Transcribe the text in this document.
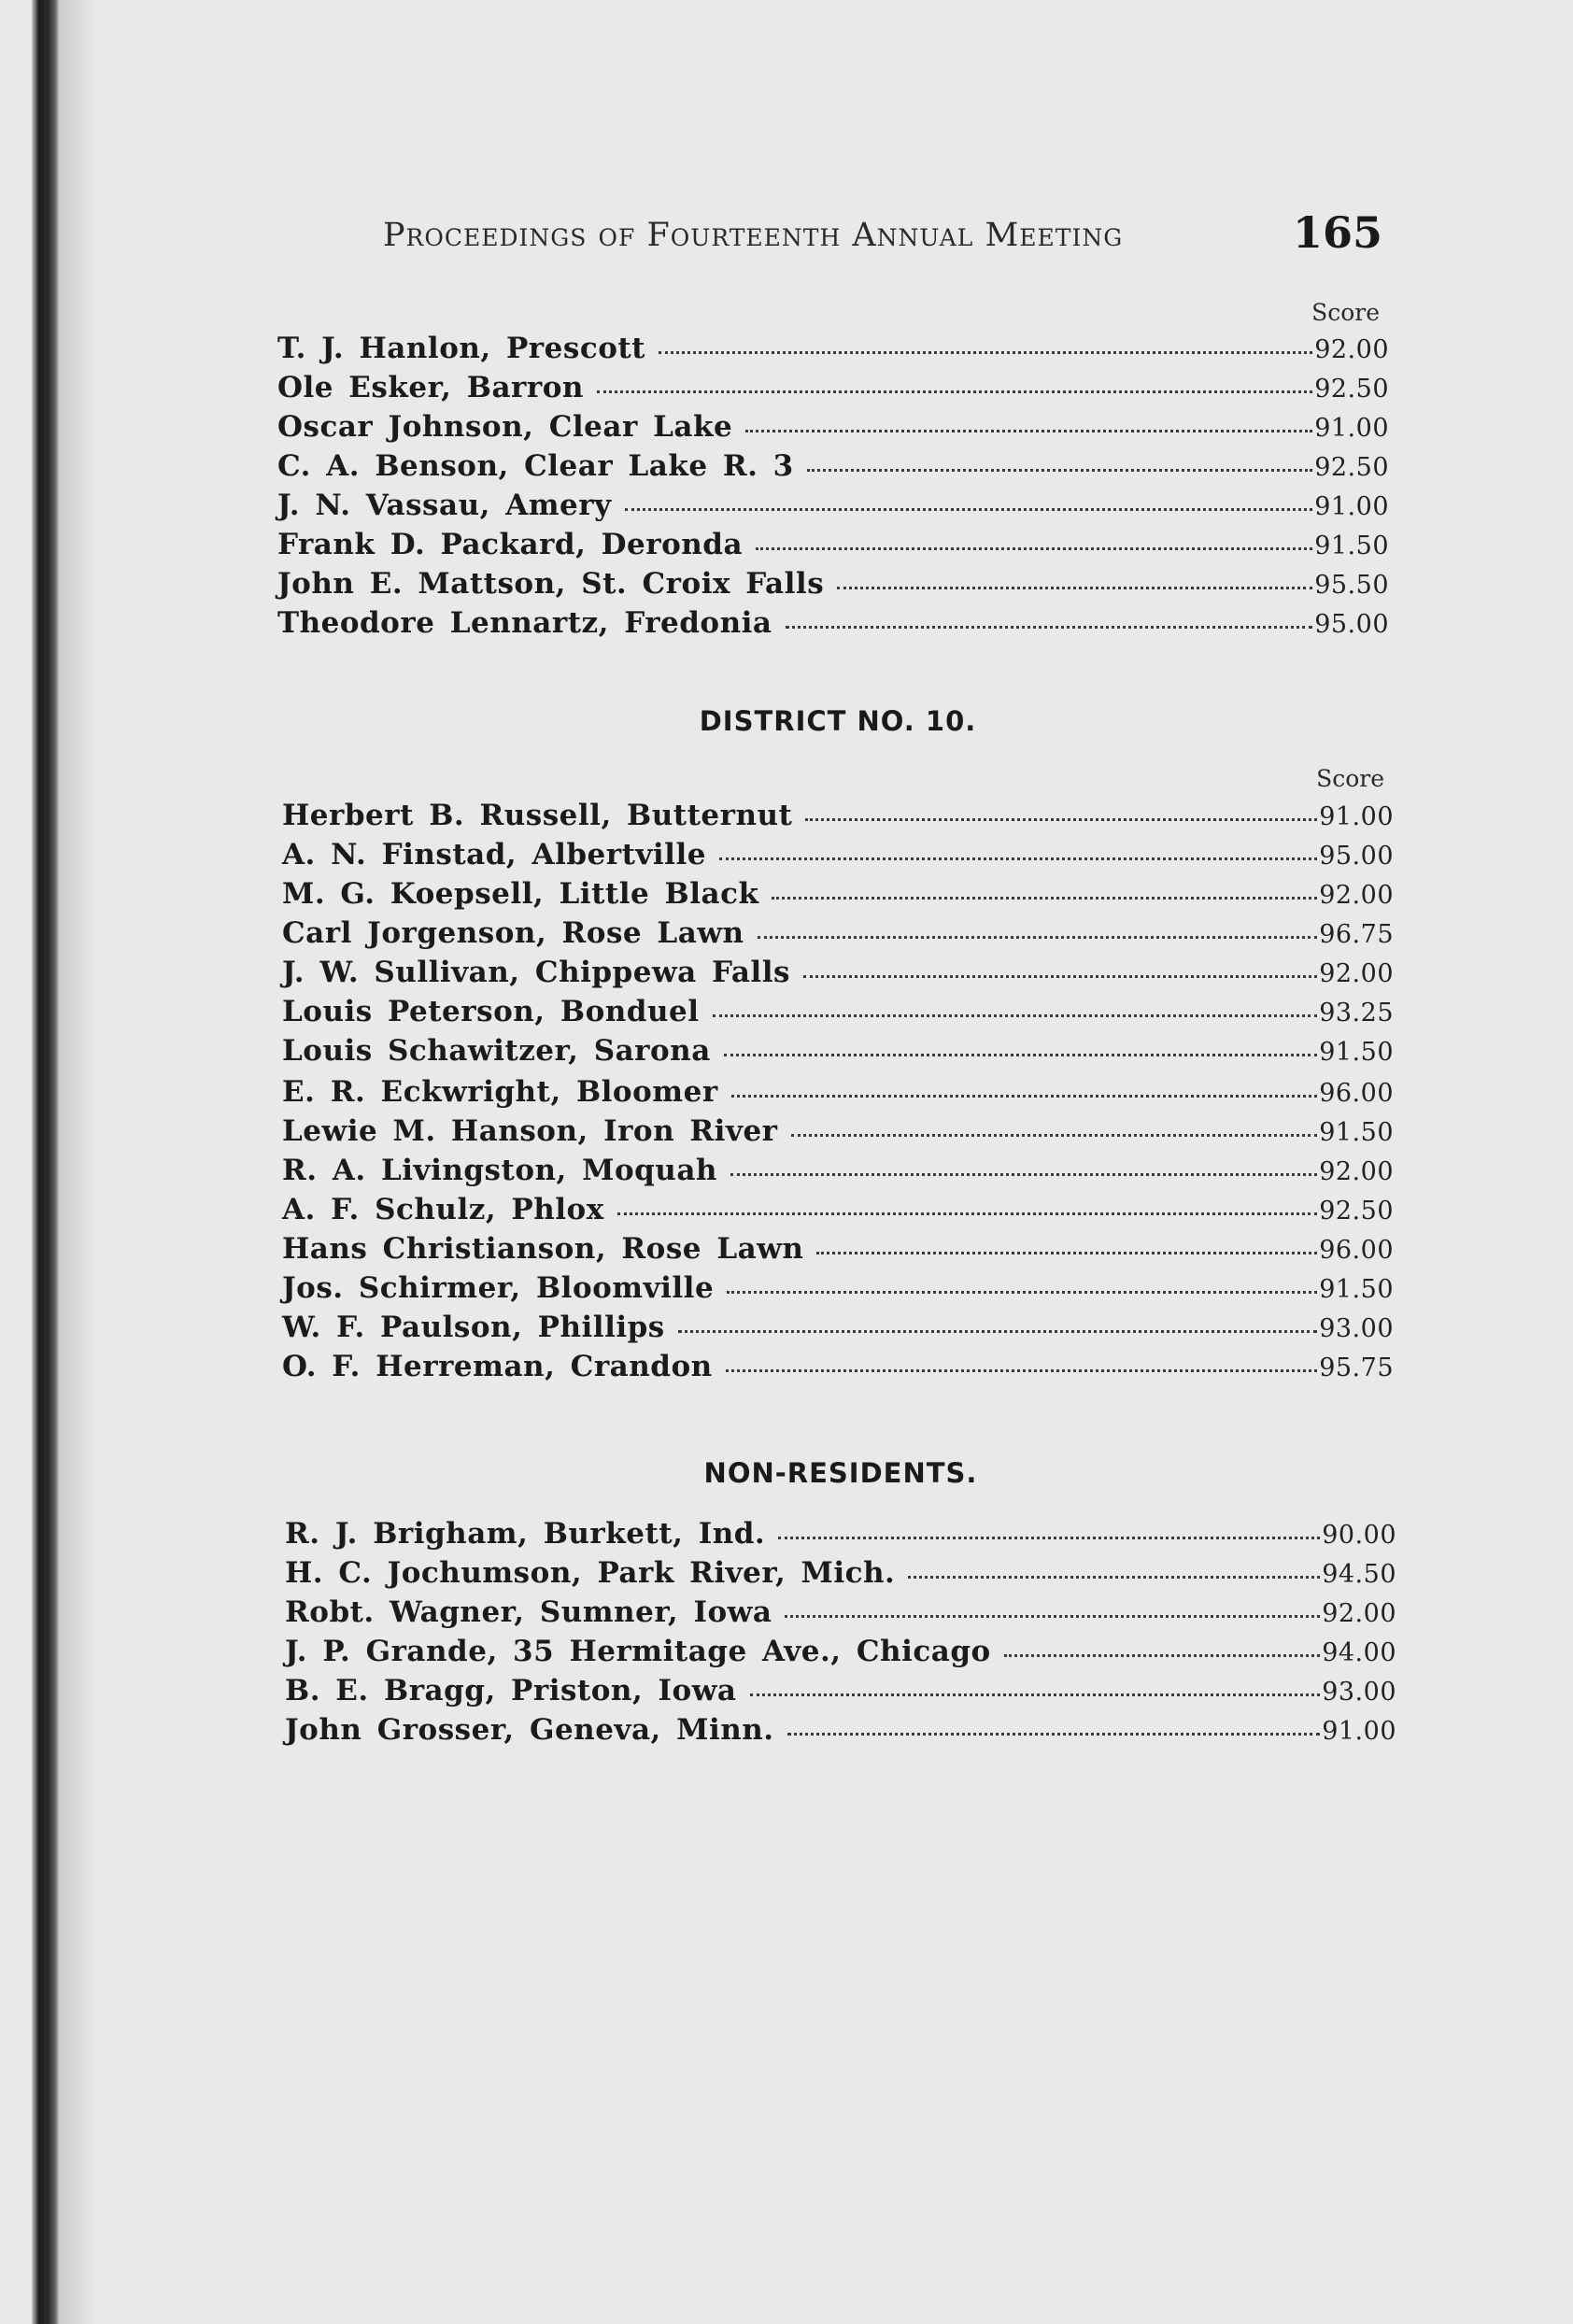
Proceedings of Fourteenth Annual Meeting	165
Score
T. J. Hanlon, Prescott	92.00
Ole Esker, Barron	92.50
Oscar Johnson, Clear Lake	91.00
C. A. Benson, Clear Lake R. 3	92.50
J. N. Vassau, Amery	91.00
Frank D. Packard, Deronda	91.50
John E. Mattson, St. Croix Falls	95.50
Theodore Lennartz, Fredonia	95.00
DISTRICT NO. 10.
Score
Herbert B. Russell, Butternut	91.00
A. N. Finstad, Albertville	95.00
M. G. Koepsell, Little Black	92.00
Carl Jorgenson, Rose Lawn	96.75
J. W. Sullivan, Chippewa Falls	92.00
Louis Peterson, Bonduel	93.25
Louis Schawitzer, Sarona	91.50
E. R. Eckwright, Bloomer	96.00
Lewie M. Hanson, Iron River	91.50
R. A. Livingston, Moquah	92.00
A. F. Schulz, Phlox	92.50
Hans Christianson, Rose Lawn	96.00
Jos. Schirmer, Bloomville	91.50
W. F. Paulson, Phillips	93.00
O. F. Herreman, Crandon	95.75
NON-RESIDENTS.
R. J. Brigham, Burkett, Ind.	90.00
H. C. Jochumson, Park River, Mich.	94.50
Robt. Wagner, Sumner, Iowa	92.00
J. P. Grande, 35 Hermitage Ave., Chicago	94.00
B. E. Bragg, Priston, Iowa	93.00
John Grosser, Geneva, Minn.	91.00
